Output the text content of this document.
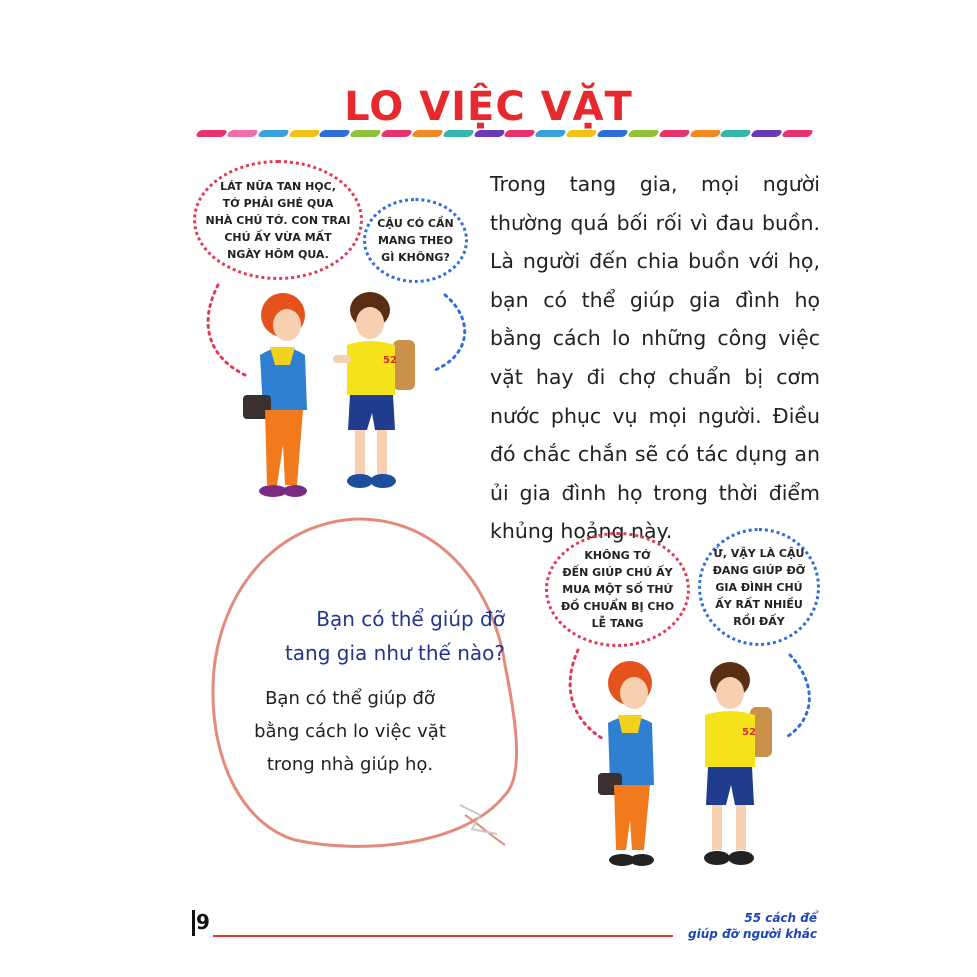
LO VIỆC VẶT
Trong tang gia, mọi người thường quá bối rối vì đau buồn. Là người đến chia buồn với họ, bạn có thể giúp gia đình họ bằng cách lo những công việc vặt hay đi chợ chuẩn bị cơm nước phục vụ mọi người. Điều đó chắc chắn sẽ có tác dụng an ủi gia đình họ trong thời điểm khủng hoảng này.
LÁT NỮA TAN HỌC,
TỚ PHẢI GHÉ QUA
NHÀ CHÚ TỚ. CON TRAI
CHÚ ẤY VỪA MẤT
NGÀY HÔM QUA.
CẬU CÓ CẦN
MANG THEO
GÌ KHÔNG?
52
Bạn có thể giúp đỡ
tang gia như thế nào?
Bạn có thể giúp đỡ
bằng cách lo việc vặt
trong nhà giúp họ.
KHÔNG TỚ
ĐẾN GIÚP CHÚ ẤY
MUA MỘT SỐ THỨ
ĐỒ CHUẨN BỊ CHO
LỄ TANG
Ừ, VẬY LÀ CẬU
ĐANG GIÚP ĐỠ
GIA ĐÌNH CHÚ
ẤY RẤT NHIỀU
RỒI ĐẤY
52
9	55 cách để
giúp đỡ người khác
